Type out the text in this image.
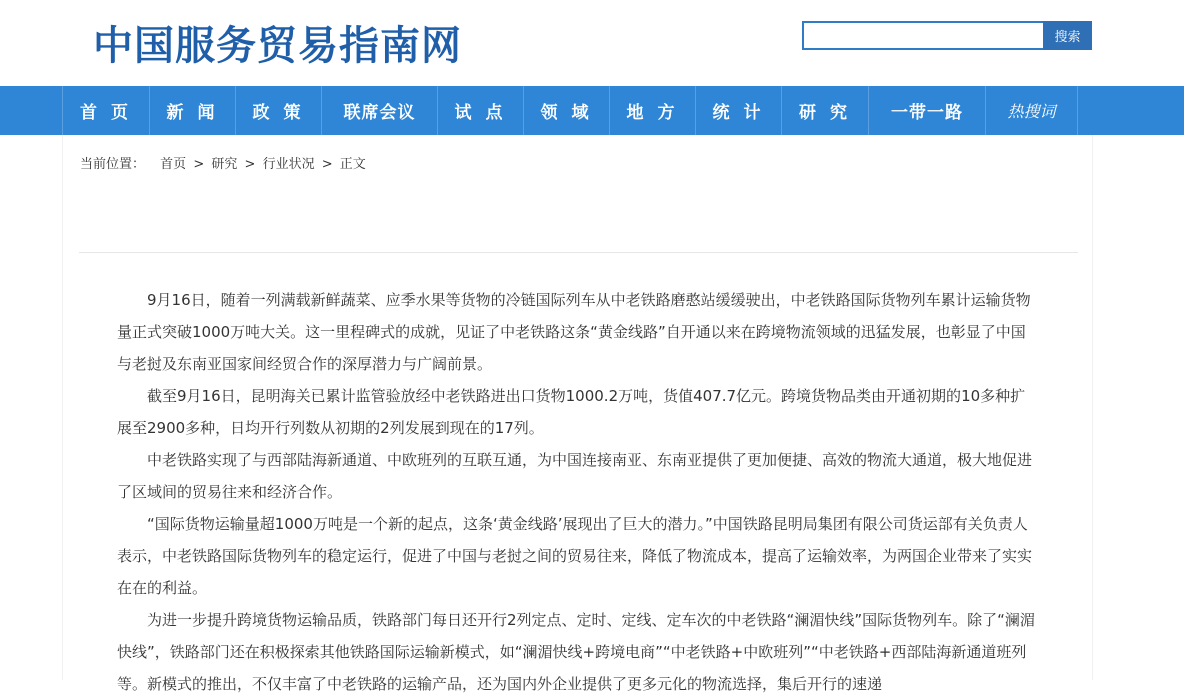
中国服务贸易指南网	搜索
首 页	新 闻	政 策	联席会议	试 点	领 域	地 方	统 计	研 究	一带一路	热搜词
当前位置： 首页 > 研究 > 行业状况 > 正文

9月16日，随着一列满载新鲜蔬菜、应季水果等货物的冷链国际列车从中老铁路磨憨站缓缓驶出，中老铁路国际货物列车累计运输货物量正式突破1000万吨大关。这一里程碑式的成就，见证了中老铁路这条“黄金线路”自开通以来在跨境物流领域的迅猛发展，也彰显了中国与老挝及东南亚国家间经贸合作的深厚潜力与广阔前景。

截至9月16日，昆明海关已累计监管验放经中老铁路进出口货物1000.2万吨，货值407.7亿元。跨境货物品类由开通初期的10多种扩展至2900多种，日均开行列数从初期的2列发展到现在的17列。

中老铁路实现了与西部陆海新通道、中欧班列的互联互通，为中国连接南亚、东南亚提供了更加便捷、高效的物流大通道，极大地促进了区域间的贸易往来和经济合作。

“国际货物运输量超1000万吨是一个新的起点，这条‘黄金线路’展现出了巨大的潜力。”中国铁路昆明局集团有限公司货运部有关负责人表示，中老铁路国际货物列车的稳定运行，促进了中国与老挝之间的贸易往来，降低了物流成本，提高了运输效率，为两国企业带来了实实在在的利益。

为进一步提升跨境货物运输品质，铁路部门每日还开行2列定点、定时、定线、定车次的中老铁路“澜湄快线”国际货物列车。除了“澜湄快线”，铁路部门还在积极探索其他铁路国际运输新模式，如“澜湄快线+跨境电商”“中老铁路+中欧班列”“中老铁路+西部陆海新通道班列等。新模式的推出，不仅丰富了中老铁路的运输产品，还为国内外企业提供了更多元化的物流选择，集后开行的速递
